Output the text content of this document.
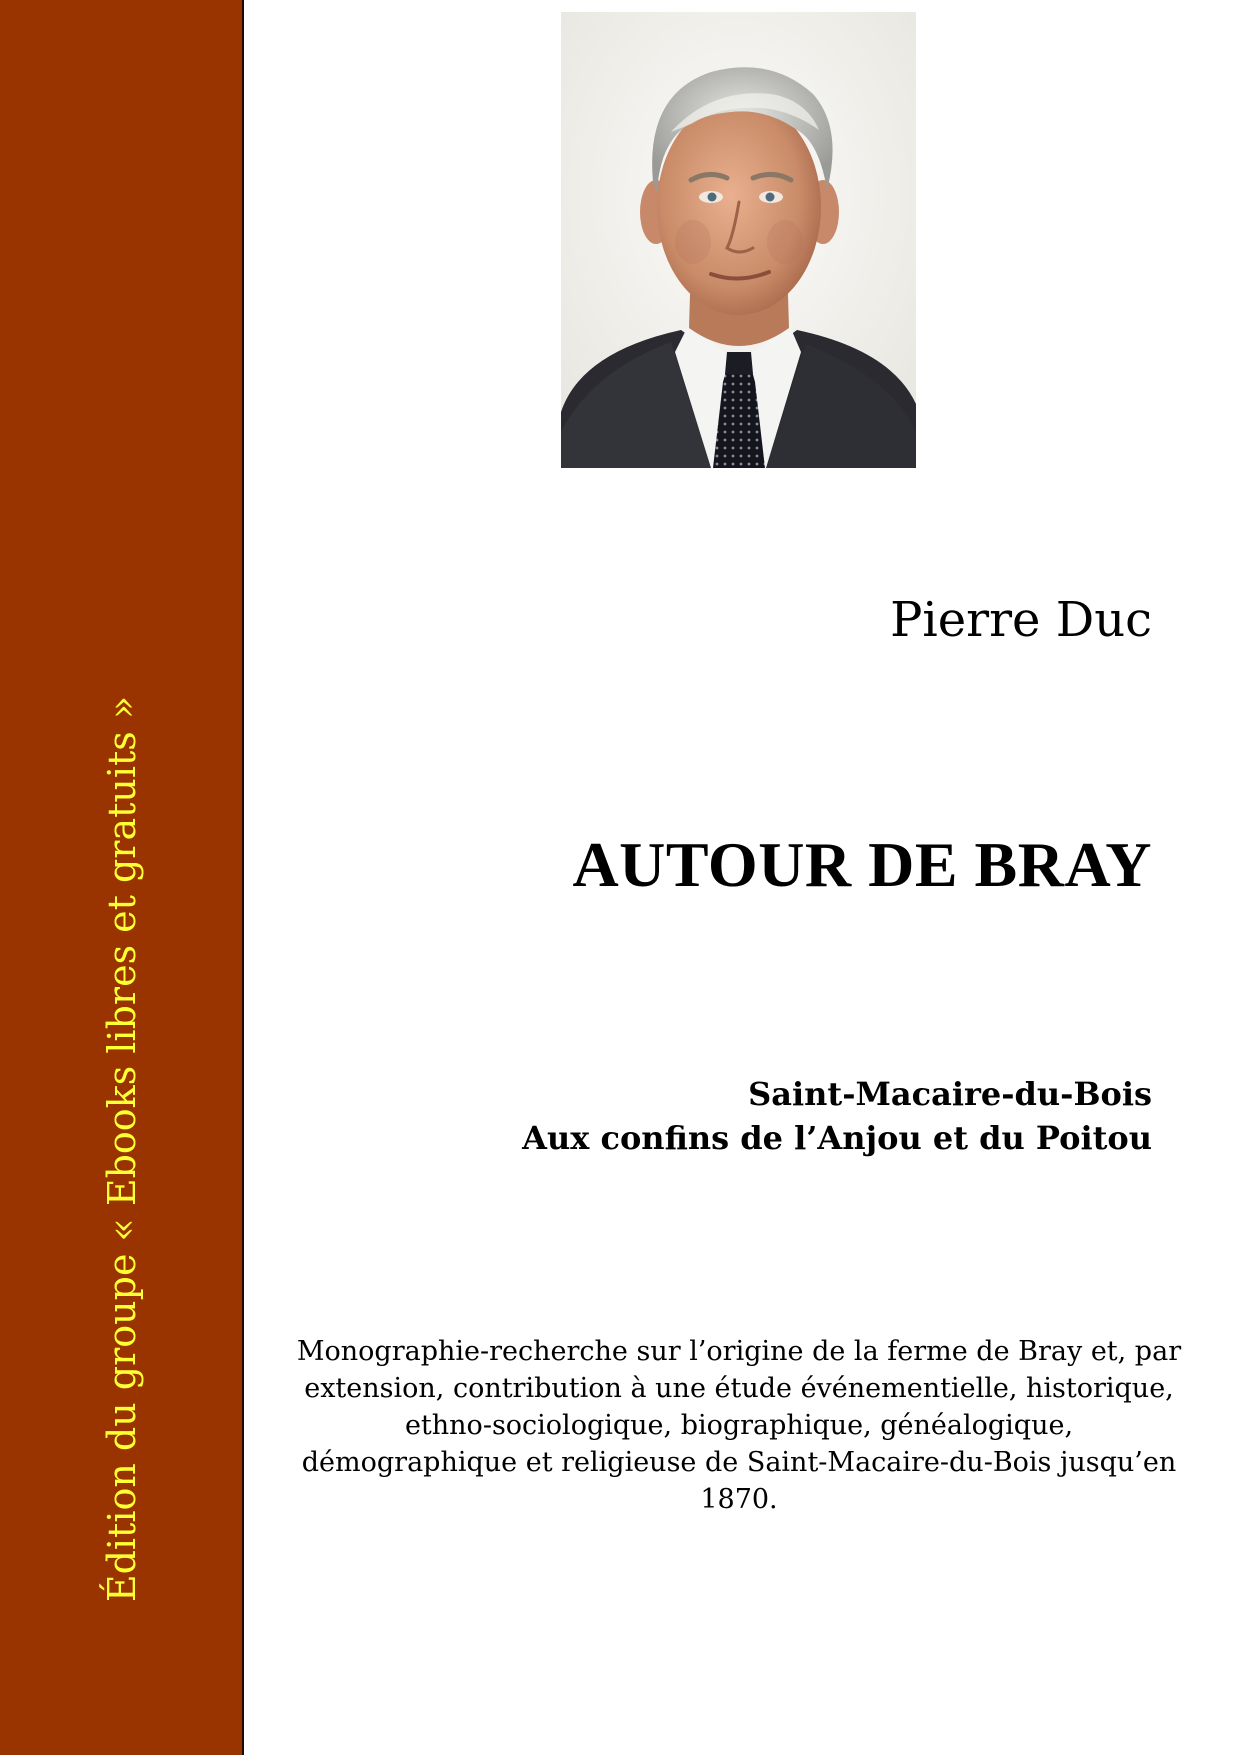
Édition du groupe « Ebooks libres et gratuits »
Pierre Duc
AUTOUR DE BRAY
Saint-Macaire-du-Bois
Aux confins de l’Anjou et du Poitou
Monographie-recherche sur l’origine de la ferme de Bray et, par
extension, contribution à une étude événementielle, historique,
ethno-sociologique, biographique, généalogique,
démographique et religieuse de Saint-Macaire-du-Bois jusqu’en
1870.
